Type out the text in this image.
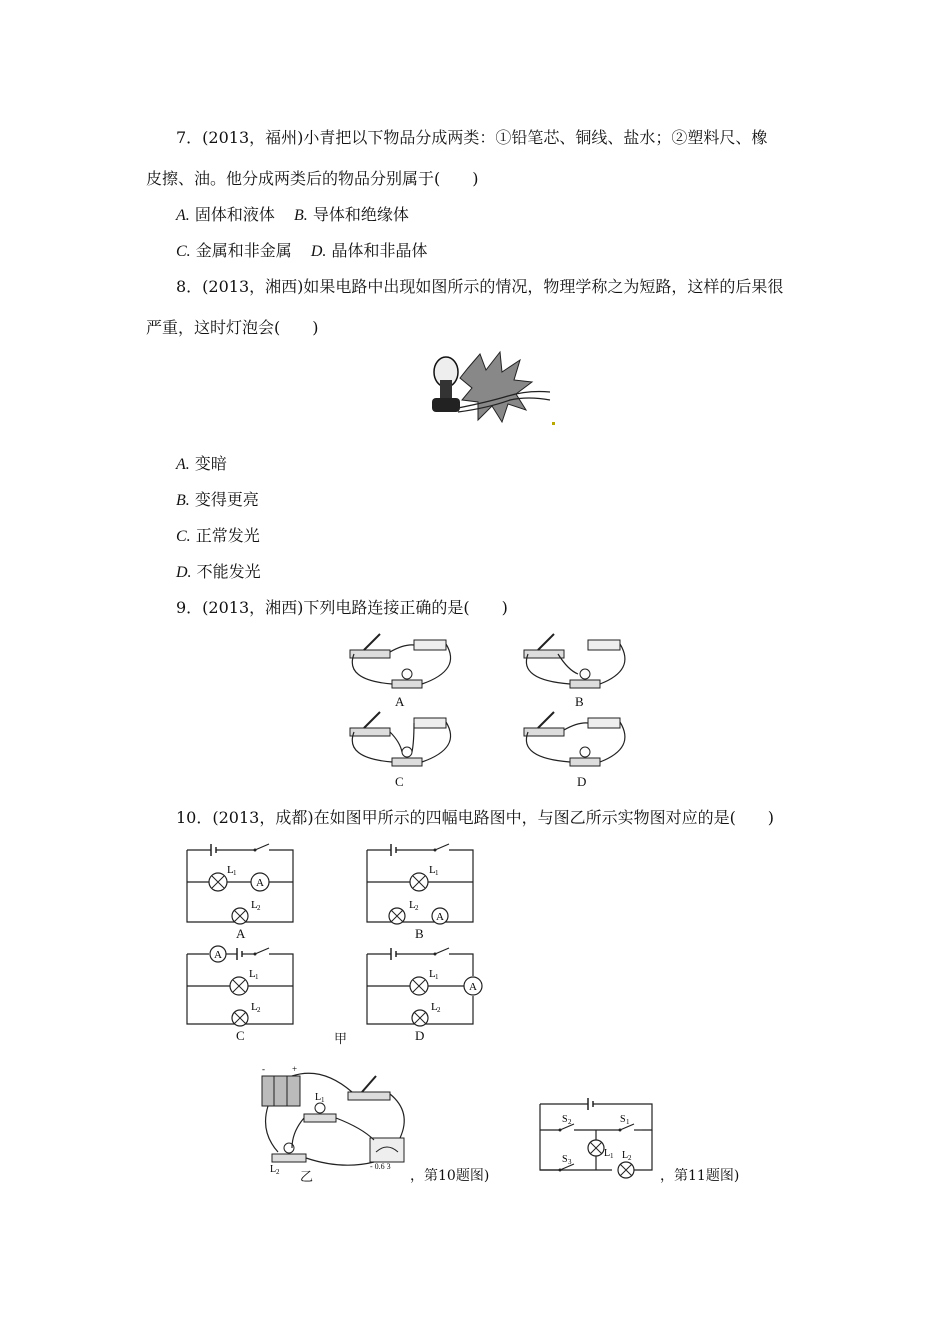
7．(2013，福州)小青把以下物品分成两类：①铅笔芯、铜线、盐水；②塑料尺、橡
皮擦、油。他分成两类后的物品分别属于(　　)
A. 固体和液体 B. 导体和绝缘体
C. 金属和非金属 D. 晶体和非晶体
8．(2013，湘西)如果电路中出现如图所示的情况，物理学称之为短路，这样的后果很
严重，这时灯泡会(　　)
A. 变暗
B. 变得更亮
C. 正常发光
D. 不能发光
9．(2013，湘西)下列电路连接正确的是(　　)
A	B
C	D
10．(2013，成都)在如图甲所示的四幅电路图中，与图乙所示实物图对应的是(　　)
A
L 1
L 2
A
A
L 1
L 2
B
A
L 1
L 2
C	甲
A
L 1
L 2
D
-	+
L 1
L 2
- 0.6 3
乙	，第10题图)
S 2	S 1
S 3
L 1 L 2
，第11题图)
